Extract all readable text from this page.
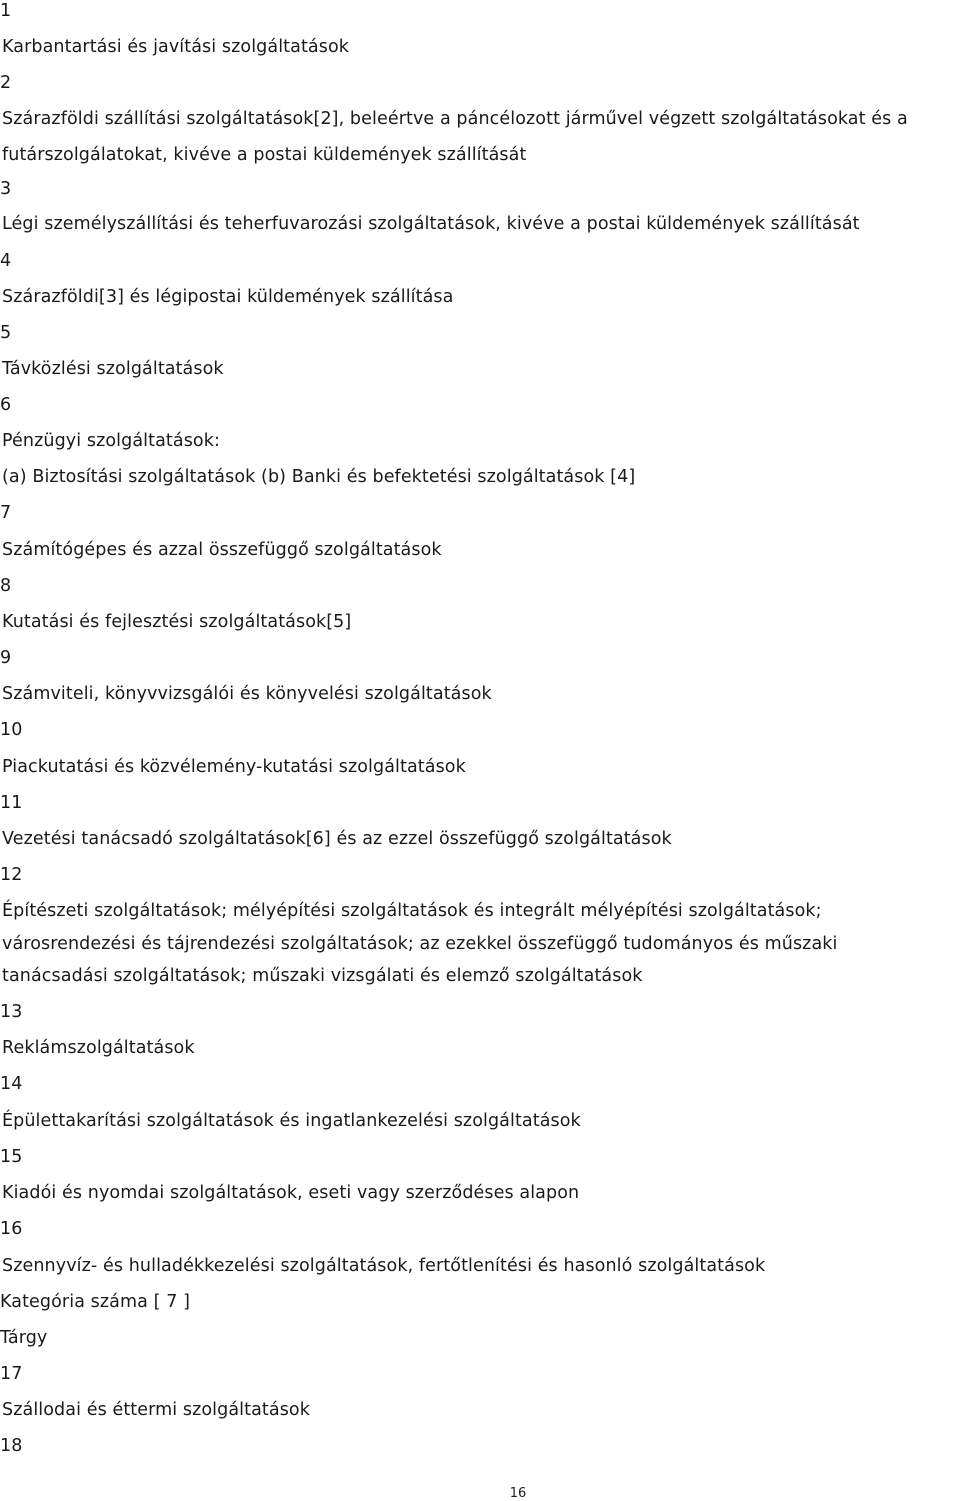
1
Karbantartási és javítási szolgáltatások
2
Szárazföldi szállítási szolgáltatások[2], beleértve a páncélozott járművel végzett szolgáltatásokat és a
futárszolgálatokat, kivéve a postai küldemények szállítását
3
Légi személyszállítási és teherfuvarozási szolgáltatások, kivéve a postai küldemények szállítását
4
Szárazföldi[3] és légipostai küldemények szállítása
5
Távközlési szolgáltatások
6
Pénzügyi szolgáltatások:
(a) Biztosítási szolgáltatások (b) Banki és befektetési szolgáltatások [4]
7
Számítógépes és azzal összefüggő szolgáltatások
8
Kutatási és fejlesztési szolgáltatások[5]
9
Számviteli, könyvvizsgálói és könyvelési szolgáltatások
10
Piackutatási és közvélemény-kutatási szolgáltatások
11
Vezetési tanácsadó szolgáltatások[6] és az ezzel összefüggő szolgáltatások
12
Építészeti szolgáltatások; mélyépítési szolgáltatások és integrált mélyépítési szolgáltatások;
városrendezési és tájrendezési szolgáltatások; az ezekkel összefüggő tudományos és műszaki
tanácsadási szolgáltatások; műszaki vizsgálati és elemző szolgáltatások
13
Reklámszolgáltatások
14
Épülettakarítási szolgáltatások és ingatlankezelési szolgáltatások
15
Kiadói és nyomdai szolgáltatások, eseti vagy szerződéses alapon
16
Szennyvíz- és hulladékkezelési szolgáltatások, fertőtlenítési és hasonló szolgáltatások
Kategória száma [ 7 ]
Tárgy
17
Szállodai és éttermi szolgáltatások
18
16
